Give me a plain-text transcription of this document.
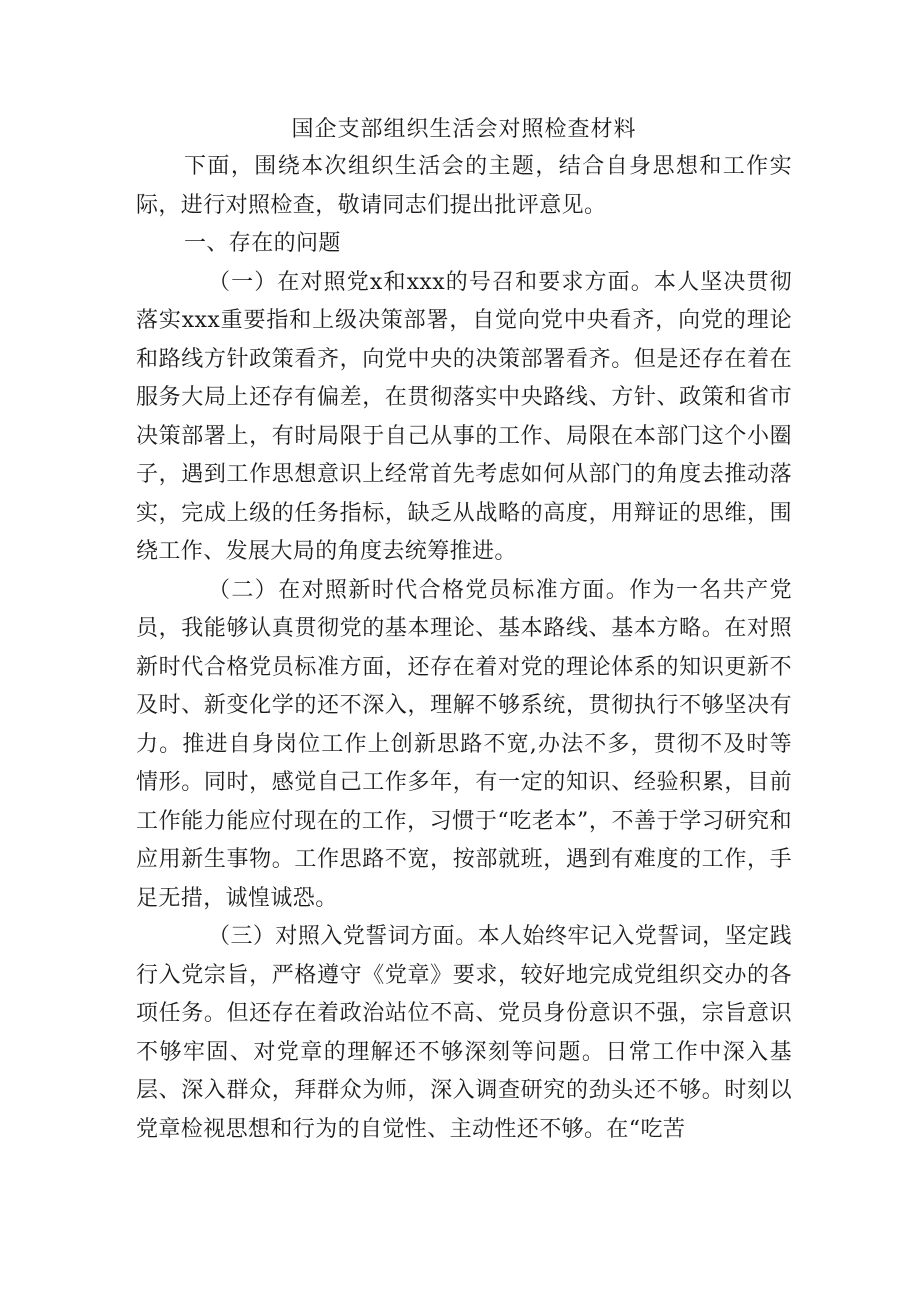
国企支部组织生活会对照检查材料

下面，围绕本次组织生活会的主题，结合自身思想和工作实际，进行对照检查，敬请同志们提出批评意见。

一、存在的问题

（一）在对照党x和xxx的号召和要求方面。本人坚决贯彻落实xxx重要指和上级决策部署，自觉向党中央看齐，向党的理论和路线方针政策看齐，向党中央的决策部署看齐。但是还存在着在服务大局上还存有偏差，在贯彻落实中央路线、方针、政策和省市决策部署上，有时局限于自己从事的工作、局限在本部门这个小圈子，遇到工作思想意识上经常首先考虑如何从部门的角度去推动落实，完成上级的任务指标，缺乏从战略的高度，用辩证的思维，围绕工作、发展大局的角度去统筹推进。

（二）在对照新时代合格党员标准方面。作为一名共产党员，我能够认真贯彻党的基本理论、基本路线、基本方略。在对照新时代合格党员标准方面，还存在着对党的理论体系的知识更新不及时、新变化学的还不深入，理解不够系统，贯彻执行不够坚决有力。推进自身岗位工作上创新思路不宽,办法不多，贯彻不及时等情形。同时，感觉自己工作多年，有一定的知识、经验积累，目前工作能力能应付现在的工作，习惯于“吃老本”，不善于学习研究和应用新生事物。工作思路不宽，按部就班，遇到有难度的工作，手足无措，诚惶诚恐。

（三）对照入党誓词方面。本人始终牢记入党誓词，坚定践行入党宗旨，严格遵守《党章》要求，较好地完成党组织交办的各项任务。但还存在着政治站位不高、党员身份意识不强，宗旨意识不够牢固、对党章的理解还不够深刻等问题。日常工作中深入基层、深入群众，拜群众为师，深入调查研究的劲头还不够。时刻以党章检视思想和行为的自觉性、主动性还不够。在“吃苦
